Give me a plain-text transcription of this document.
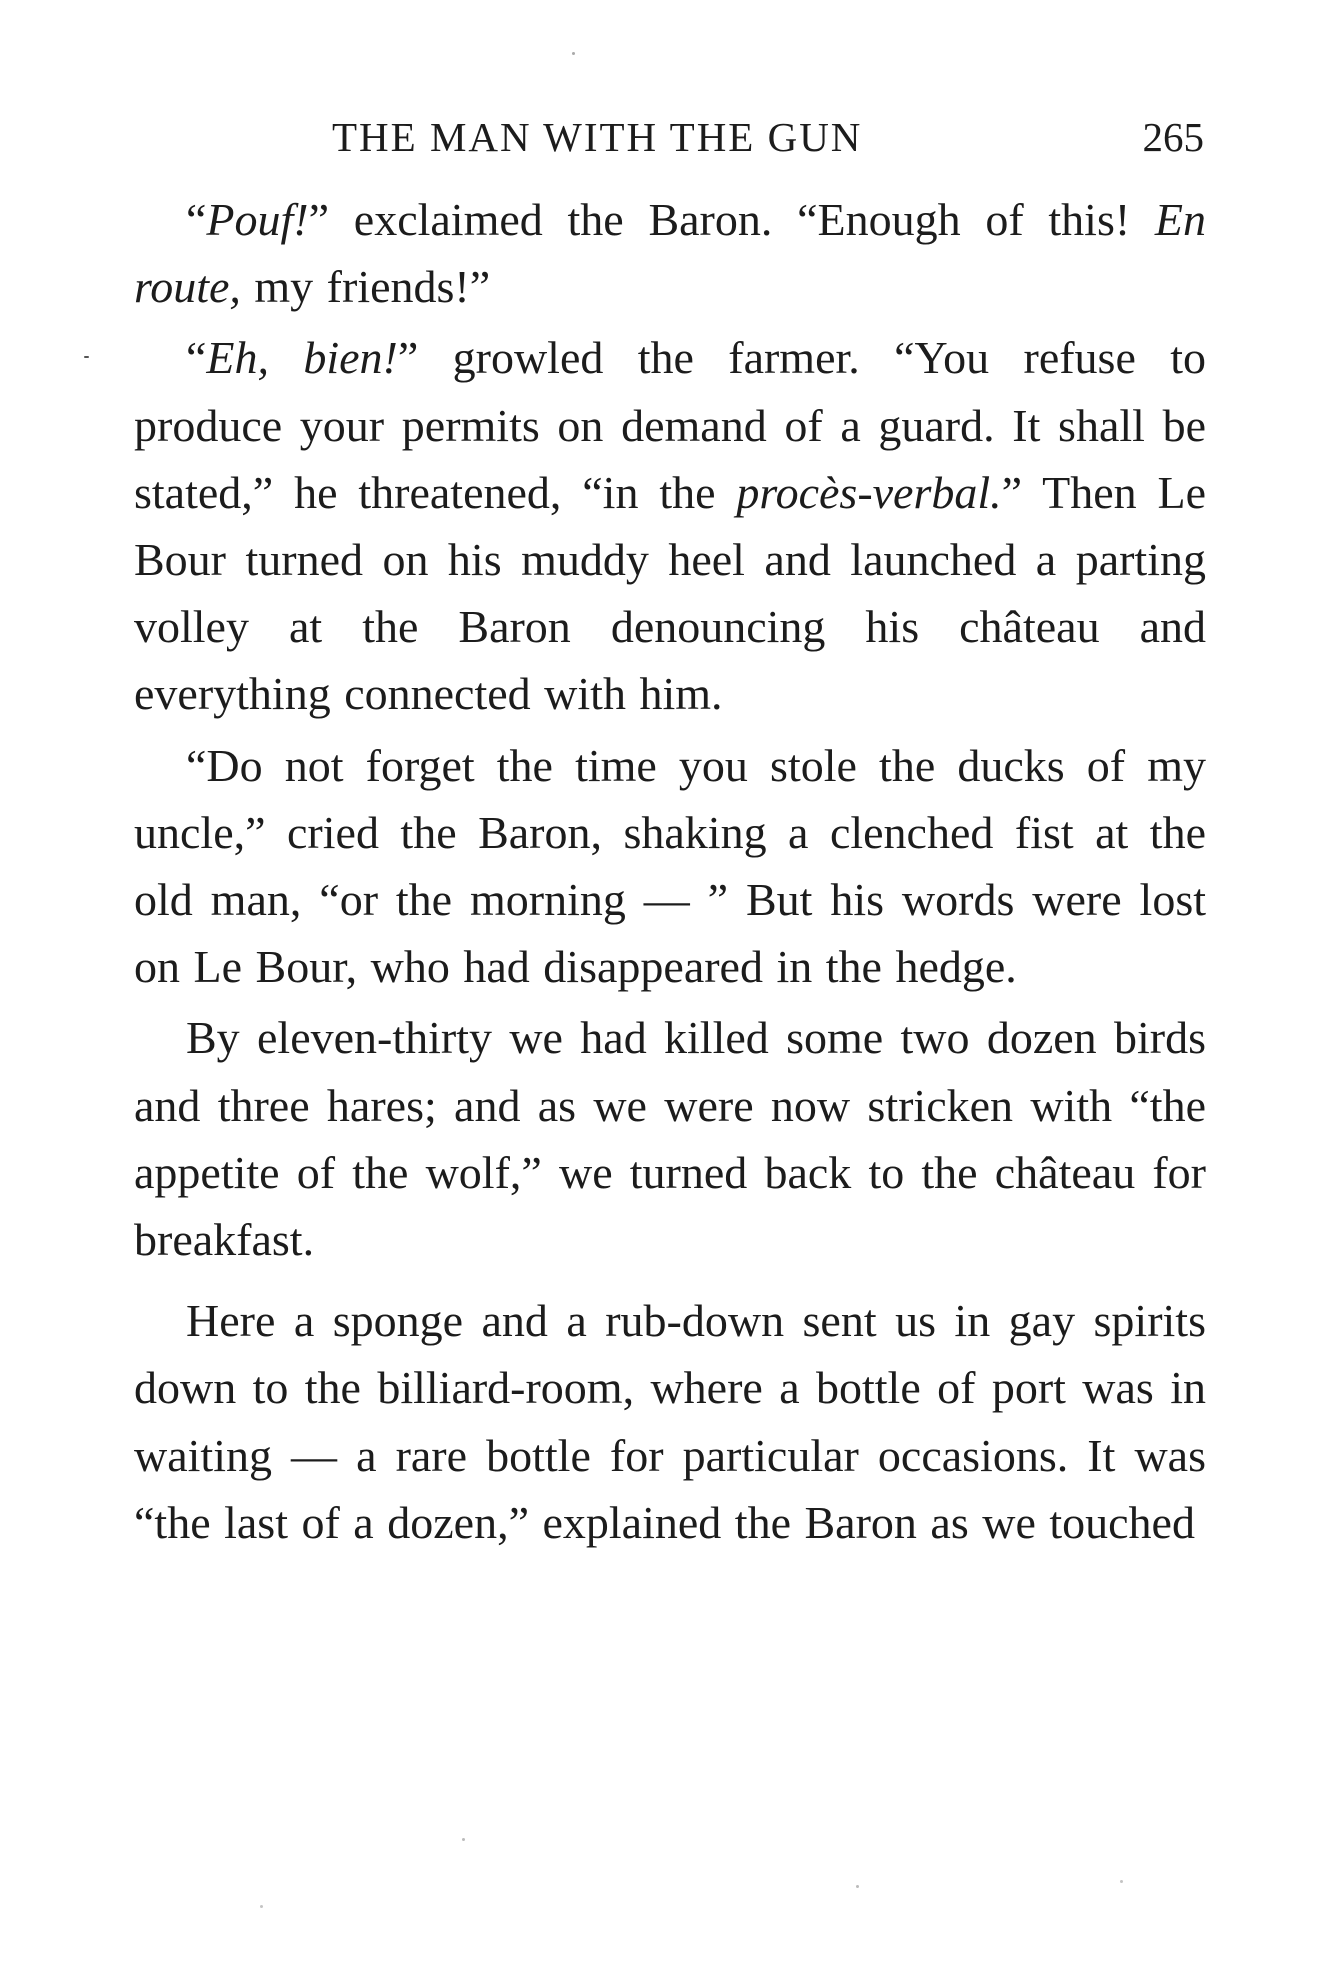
THE MAN WITH THE GUN	265

“Pouf!” exclaimed the Baron. “Enough of this! En route, my friends!”

“Eh, bien!” growled the farmer. “You refuse to produce your permits on demand of a guard. It shall be stated,” he threatened, “in the procès-verbal.” Then Le Bour turned on his muddy heel and launched a parting volley at the Baron denouncing his château and everything connected with him.

“Do not forget the time you stole the ducks of my uncle,” cried the Baron, shaking a clenched fist at the old man, “or the morning — ” But his words were lost on Le Bour, who had disappeared in the hedge.

By eleven-thirty we had killed some two dozen birds and three hares; and as we were now stricken with “the appetite of the wolf,” we turned back to the château for breakfast.

Here a sponge and a rub-down sent us in gay spirits down to the billiard-room, where a bottle of port was in waiting — a rare bottle for particular occasions. It was “the last of a dozen,” explained the Baron as we touched
